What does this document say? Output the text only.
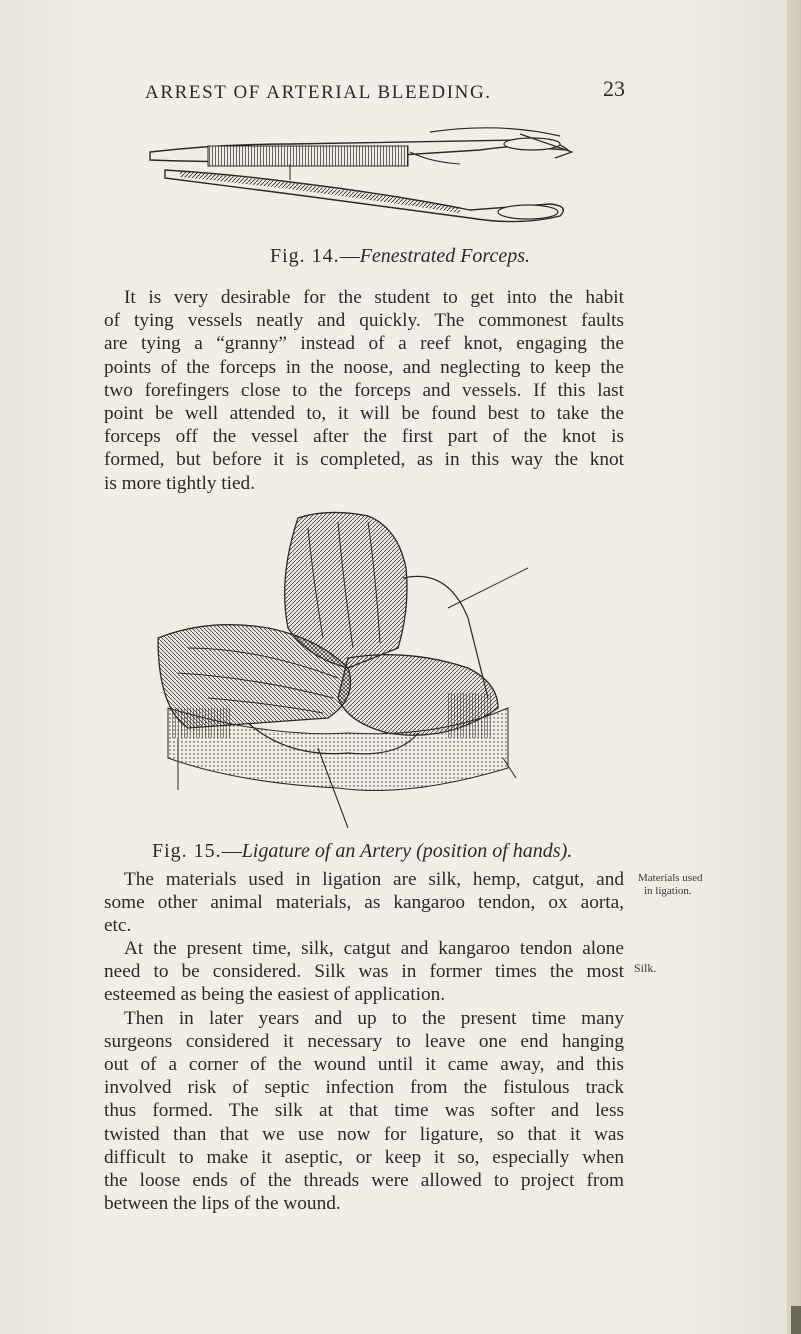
ARREST OF ARTERIAL BLEEDING.	23
Fig. 14.—Fenestrated Forceps.
It is very desirable for the student to get into the habit
of tying vessels neatly and quickly. The commonest faults
are tying a “granny” instead of a reef knot, engaging the
points of the forceps in the noose, and neglecting to keep the
two forefingers close to the forceps and vessels. If this last
point be well attended to, it will be found best to take the
forceps off the vessel after the first part of the knot is
formed, but before it is completed, as in this way the knot
is more tightly tied.
Fig. 15.—Ligature of an Artery (position of hands).
The materials used in ligation are silk, hemp, catgut, and
some other animal materials, as kangaroo tendon, ox aorta,
etc.
Materials used
in ligation.
At the present time, silk, catgut and kangaroo tendon alone
need to be considered. Silk was in former times the most
esteemed as being the easiest of application.
Then in later years and up to the present time many
surgeons considered it necessary to leave one end hanging
out of a corner of the wound until it came away, and this
involved risk of septic infection from the fistulous track
thus formed. The silk at that time was softer and less
twisted than that we use now for ligature, so that it was
difficult to make it aseptic, or keep it so, especially when
the loose ends of the threads were allowed to project from
between the lips of the wound.
Silk.
